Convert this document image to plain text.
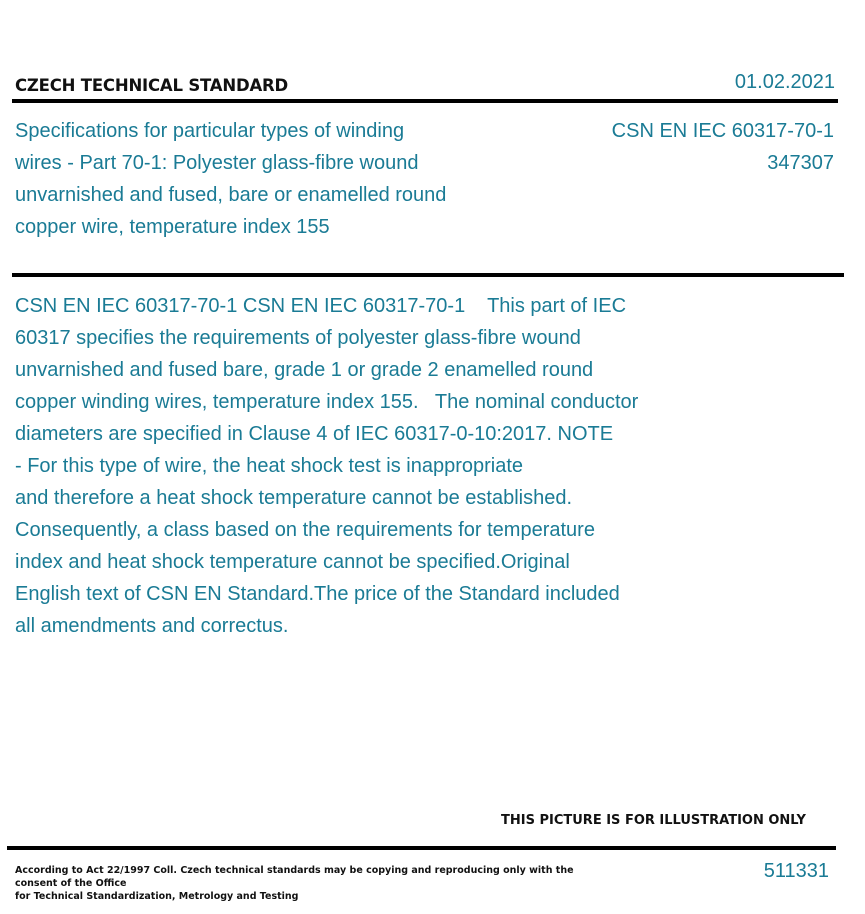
CZECH TECHNICAL STANDARD	01.02.2021
Specifications for particular types of winding
wires - Part 70-1: Polyester glass-fibre wound
unvarnished and fused, bare or enamelled round
copper wire, temperature index 155
CSN EN IEC 60317-70-1
347307
CSN EN IEC 60317-70-1 CSN EN IEC 60317-70-1    This part of IEC
60317 specifies the requirements of polyester glass-fibre wound
unvarnished and fused bare, grade 1 or grade 2 enamelled round
copper winding wires, temperature index 155.   The nominal conductor
diameters are specified in Clause 4 of IEC 60317-0-10:2017. NOTE
- For this type of wire, the heat shock test is inappropriate
and therefore a heat shock temperature cannot be established.
Consequently, a class based on the requirements for temperature
index and heat shock temperature cannot be specified.Original
English text of CSN EN Standard.The price of the Standard included
all amendments and correctus.
THIS PICTURE IS FOR ILLUSTRATION ONLY
According to Act 22/1997 Coll. Czech technical standards may be copying and reproducing only with the consent of the Office
for Technical Standardization, Metrology and Testing
511331
